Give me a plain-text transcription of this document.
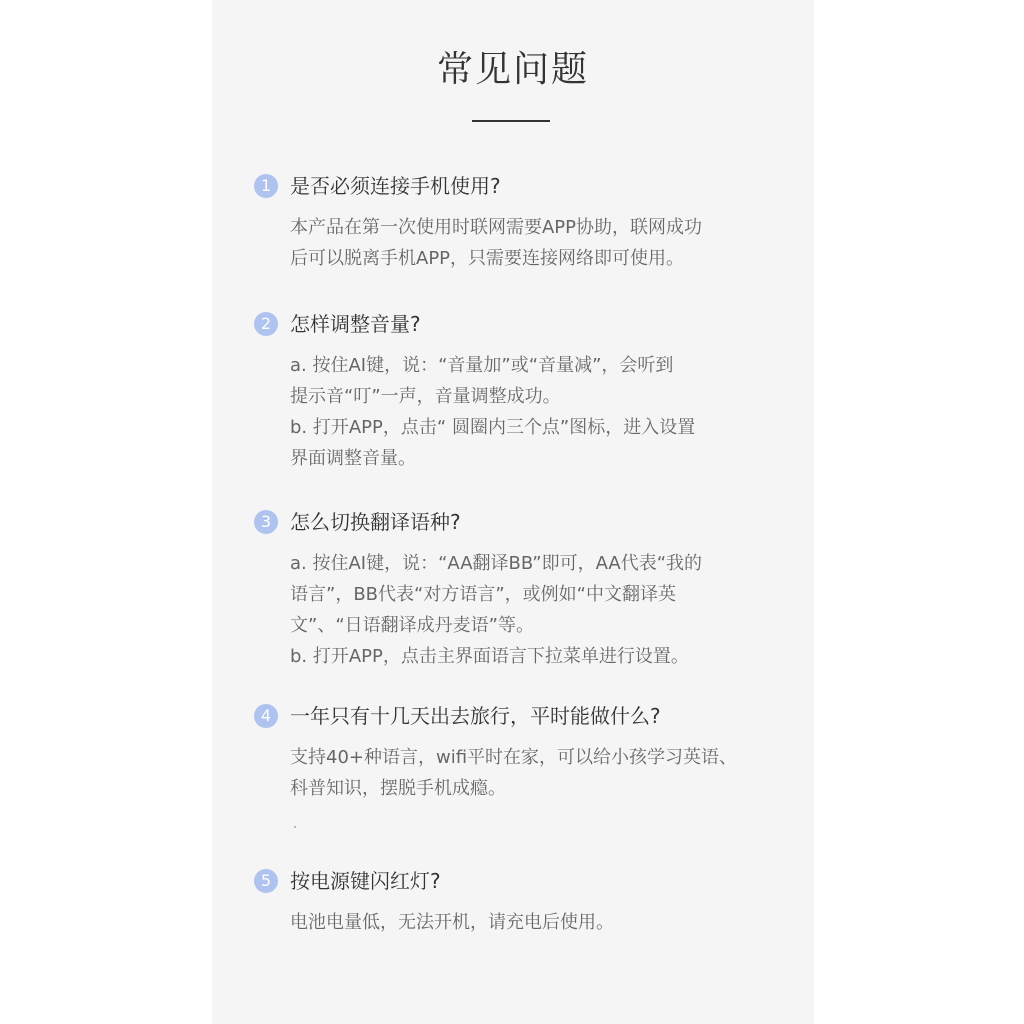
常见问题
1 是否必须连接手机使用?
本产品在第一次使用时联网需要APP协助，联网成功
后可以脱离手机APP，只需要连接网络即可使用。
2 怎样调整音量?
a. 按住AI键，说：“音量加”或“音量减”，会听到
提示音“叮”一声，音量调整成功。
b. 打开APP，点击“ 圆圈内三个点”图标，进入设置
界面调整音量。
3 怎么切换翻译语种?
a. 按住AI键，说：“AA翻译BB”即可，AA代表“我的
语言”，BB代表“对方语言”，或例如“中文翻译英
文”、“日语翻译成丹麦语”等。
b. 打开APP，点击主界面语言下拉菜单进行设置。
4 一年只有十几天出去旅行，平时能做什么?
支持40+种语言，wifi平时在家，可以给小孩学习英语、
科普知识，摆脱手机成瘾。
5 按电源键闪红灯?
电池电量低，无法开机，请充电后使用。
